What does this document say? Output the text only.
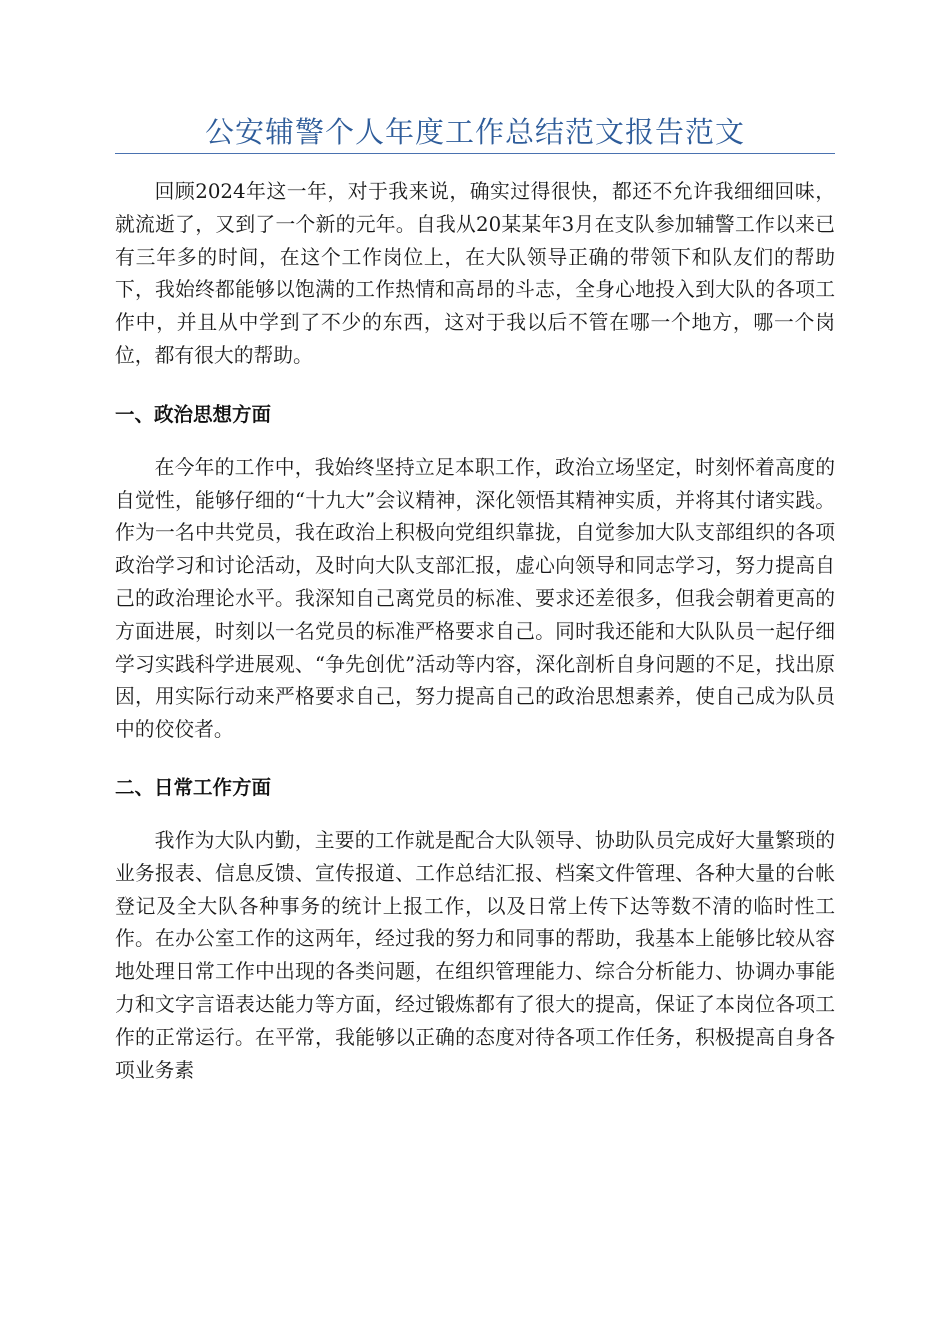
公安辅警个人年度工作总结范文报告范文

回顾2024年这一年，对于我来说，确实过得很快，都还不允许我细细回味，就流逝了，又到了一个新的元年。自我从20某某年3月在支队参加辅警工作以来已有三年多的时间，在这个工作岗位上，在大队领导正确的带领下和队友们的帮助下，我始终都能够以饱满的工作热情和高昂的斗志，全身心地投入到大队的各项工作中，并且从中学到了不少的东西，这对于我以后不管在哪一个地方，哪一个岗位，都有很大的帮助。

一、政治思想方面

在今年的工作中，我始终坚持立足本职工作，政治立场坚定，时刻怀着高度的自觉性，能够仔细的“十九大”会议精神，深化领悟其精神实质，并将其付诸实践。作为一名中共党员，我在政治上积极向党组织靠拢，自觉参加大队支部组织的各项政治学习和讨论活动，及时向大队支部汇报，虚心向领导和同志学习，努力提高自己的政治理论水平。我深知自己离党员的标准、要求还差很多，但我会朝着更高的方面进展，时刻以一名党员的标准严格要求自己。同时我还能和大队队员一起仔细学习实践科学进展观、“争先创优”活动等内容，深化剖析自身问题的不足，找出原因，用实际行动来严格要求自己，努力提高自己的政治思想素养，使自己成为队员中的佼佼者。

二、日常工作方面

我作为大队内勤，主要的工作就是配合大队领导、协助队员完成好大量繁琐的业务报表、信息反馈、宣传报道、工作总结汇报、档案文件管理、各种大量的台帐登记及全大队各种事务的统计上报工作，以及日常上传下达等数不清的临时性工作。在办公室工作的这两年，经过我的努力和同事的帮助，我基本上能够比较从容地处理日常工作中出现的各类问题，在组织管理能力、综合分析能力、协调办事能力和文字言语表达能力等方面，经过锻炼都有了很大的提高，保证了本岗位各项工作的正常运行。在平常，我能够以正确的态度对待各项工作任务，积极提高自身各项业务素
